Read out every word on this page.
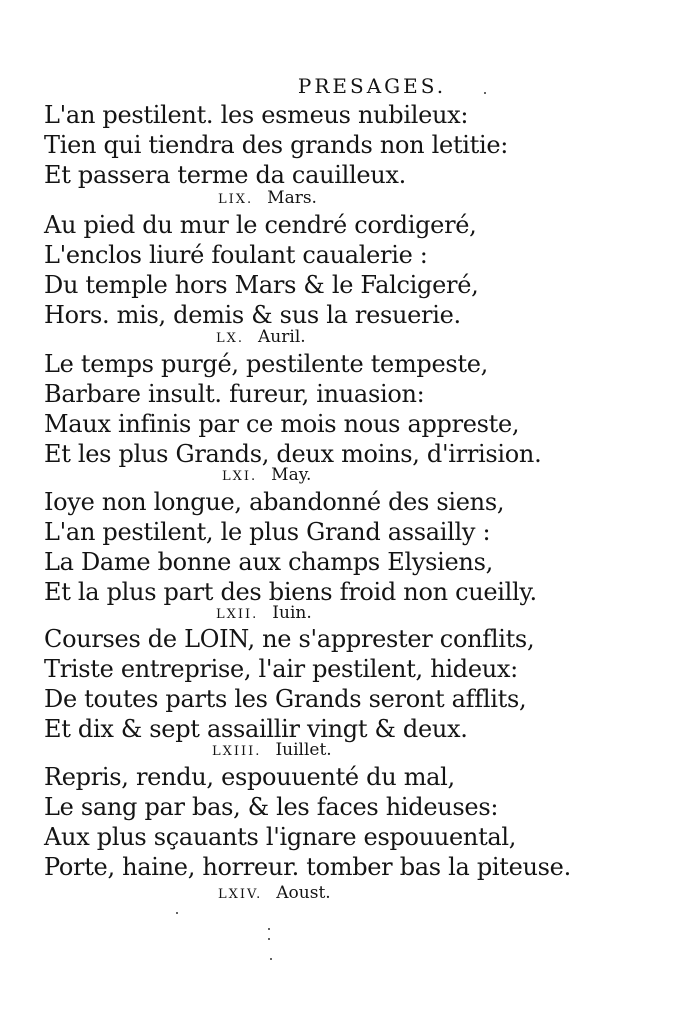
PRESAGES.
L'an pestilent. les esmeus nubileux:
Tien qui tiendra des grands non letitie:
Et passera terme da cauilleux.
LIX. Mars.
Au pied du mur le cendré cordigeré,
L'enclos liuré foulant caualerie :
Du temple hors Mars & le Falcigeré,
Hors. mis, demis & sus la resuerie.
LX. Auril.
Le temps purgé, pestilente tempeste,
Barbare insult. fureur, inuasion:
Maux infinis par ce mois nous appreste,
Et les plus Grands, deux moins, d'irrision.
LXI. May.
Ioye non longue, abandonné des siens,
L'an pestilent, le plus Grand assailly :
La Dame bonne aux champs Elysiens,
Et la plus part des biens froid non cueilly.
LXII. Iuin.
Courses de LOIN, ne s'apprester conflits,
Triste entreprise, l'air pestilent, hideux:
De toutes parts les Grands seront afflits,
Et dix & sept assaillir vingt & deux.
LXIII. Iuillet.
Repris, rendu, espouuenté du mal,
Le sang par bas, & les faces hideuses:
Aux plus sçauants l'ignare espouuental,
Porte, haine, horreur. tomber bas la piteuse.
LXIV. Aoust.
